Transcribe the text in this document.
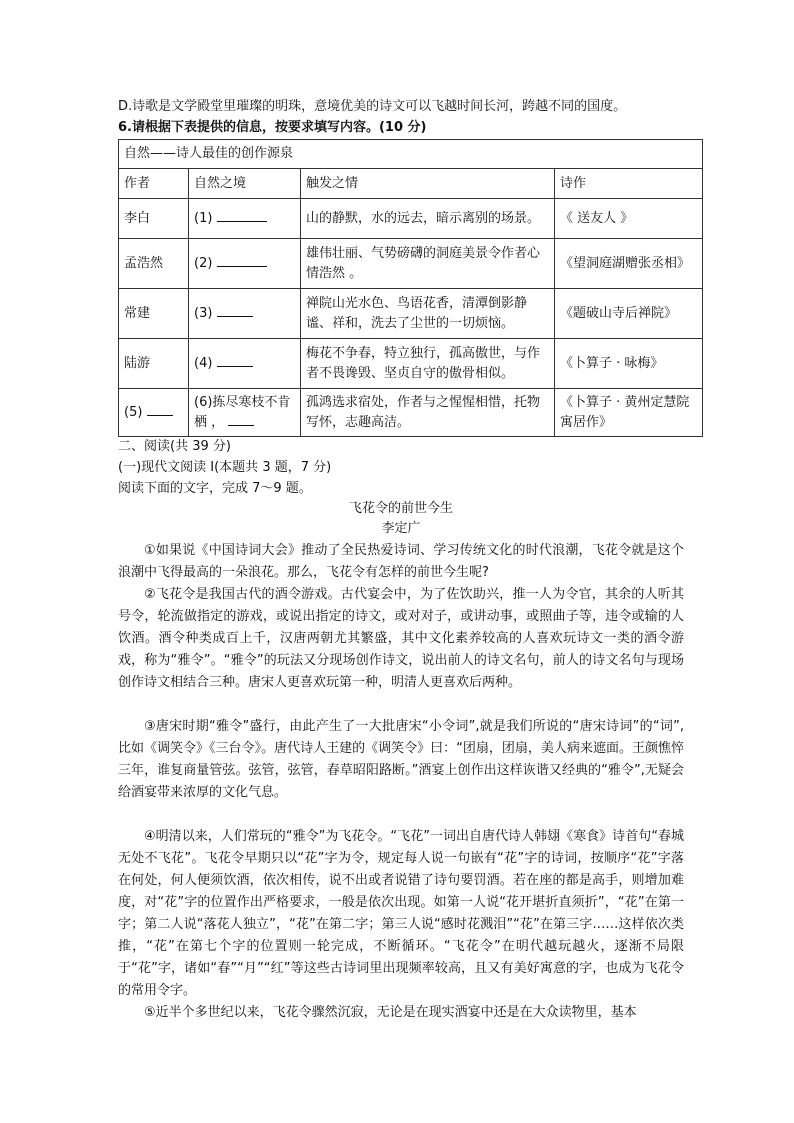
D.诗歌是文学殿堂里璀璨的明珠，意境优美的诗文可以飞越时间长河，跨越不同的国度。
6.请根据下表提供的信息，按要求填写内容。(10 分)
自然——诗人最佳的创作源泉			
作者	自然之境	触发之情	诗作
李白	(1)	山的静默，水的远去，暗示离别的场景。	《 送友人 》
孟浩然	(2)	雄伟壮丽、气势磅礴的洞庭美景令作者心情浩然 。	《望洞庭湖赠张丞相》
常建	(3)	禅院山光水色、鸟语花香，清潭倒影静谧、祥和，洗去了尘世的一切烦恼。	《题破山寺后禅院》
陆游	(4)	梅花不争春，特立独行，孤高傲世，与作者不畏谗毁、坚贞自守的傲骨相似。	《卜算子 · 咏梅》
(5)	(6)拣尽寒枝不肯栖 ，	孤鸿选求宿处，作者与之惺惺相惜，托物写怀，志趣高洁。	《卜算子 · 黄州定慧院寓居作》
二、阅读(共 39 分)
(一)现代文阅读 I(本题共 3 题，7 分)
阅读下面的文字，完成 7～9 题。
飞花令的前世今生
李定广
①如果说《中国诗词大会》推动了全民热爱诗词、学习传统文化的时代浪潮，飞花令就是这个浪潮中飞得最高的一朵浪花。那么，飞花令有怎样的前世今生呢?
②飞花令是我国古代的酒令游戏。古代宴会中，为了佐饮助兴，推一人为令官，其余的人听其号令，轮流做指定的游戏，或说出指定的诗文，或对对子，或讲动事，或照曲子等，违令或输的人饮酒。酒令种类成百上千，汉唐两朝尤其繁盛，其中文化素养较高的人喜欢玩诗文一类的酒令游戏，称为“雅令”。“雅令”的玩法又分现场创作诗文，说出前人的诗文名句，前人的诗文名句与现场创作诗文相结合三种。唐宋人更喜欢玩第一种，明清人更喜欢后两种。
③唐宋时期“雅令”盛行，由此产生了一大批唐宋“小令词”,就是我们所说的“唐宋诗词”的“词”,比如《调笑令》《三台令》。唐代诗人王建的《调笑令》曰：“团扇，团扇，美人病来遮面。王颜憔悴三年，谁复商量管弦。弦管，弦管，春草昭阳路断。”酒宴上创作出这样诙谐又经典的“雅令”,无疑会给酒宴带来浓厚的文化气息。
④明清以来，人们常玩的“雅令”为飞花令。“飞花”一词出自唐代诗人韩翃《寒食》诗首句“春城无处不飞花”。飞花令早期只以“花”字为令，规定每人说一句嵌有“花”字的诗词，按顺序“花”字落在何处，何人便须饮酒，依次相传，说不出或者说错了诗句要罚酒。若在座的都是高手，则增加难度，对“花”字的位置作出严格要求，一般是依次出现。如第一人说“花开堪折直须折”，“花”在第一字；第二人说“落花人独立”，“花”在第二字；第三人说“感时花溅泪”“花”在第三字……这样依次类推，“花”在第七个字的位置则一轮完成，不断循环。“飞花令”在明代越玩越火，逐渐不局限于“花”字，诸如“春”“月”“红”等这些古诗词里出现频率较高，且又有美好寓意的字，也成为飞花令的常用令字。
⑤近半个多世纪以来，飞花令骤然沉寂，无论是在现实酒宴中还是在大众读物里，基本
